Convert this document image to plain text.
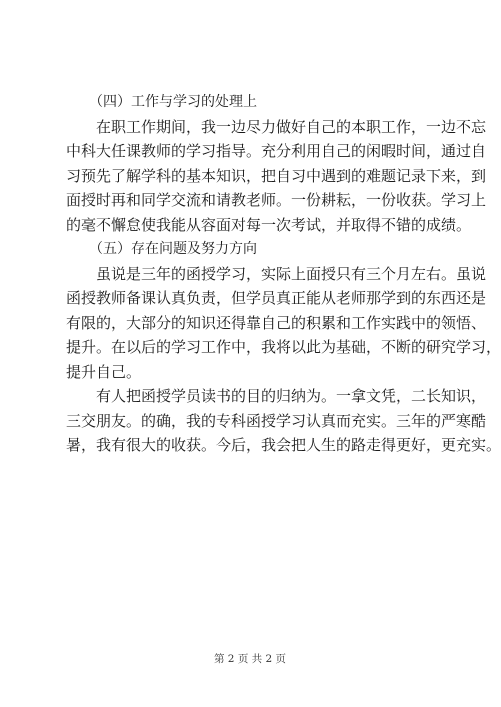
（四）工作与学习的处理上
在职工作期间，我一边尽力做好自己的本职工作，一边不忘
中科大任课教师的学习指导。充分利用自己的闲暇时间，通过自
习预先了解学科的基本知识，把自习中遇到的难题记录下来，到
面授时再和同学交流和请教老师。一份耕耘，一份收获。学习上
的毫不懈怠使我能从容面对每一次考试，并取得不错的成绩。
（五）存在问题及努力方向
虽说是三年的函授学习，实际上面授只有三个月左右。虽说
函授教师备课认真负责，但学员真正能从老师那学到的东西还是
有限的，大部分的知识还得靠自己的积累和工作实践中的领悟、
提升。在以后的学习工作中，我将以此为基础，不断的研究学习，
提升自己。
有人把函授学员读书的目的归纳为。一拿文凭，二长知识，
三交朋友。的确，我的专科函授学习认真而充实。三年的严寒酷
暑，我有很大的收获。今后，我会把人生的路走得更好，更充实。
第 2 页 共 2 页
